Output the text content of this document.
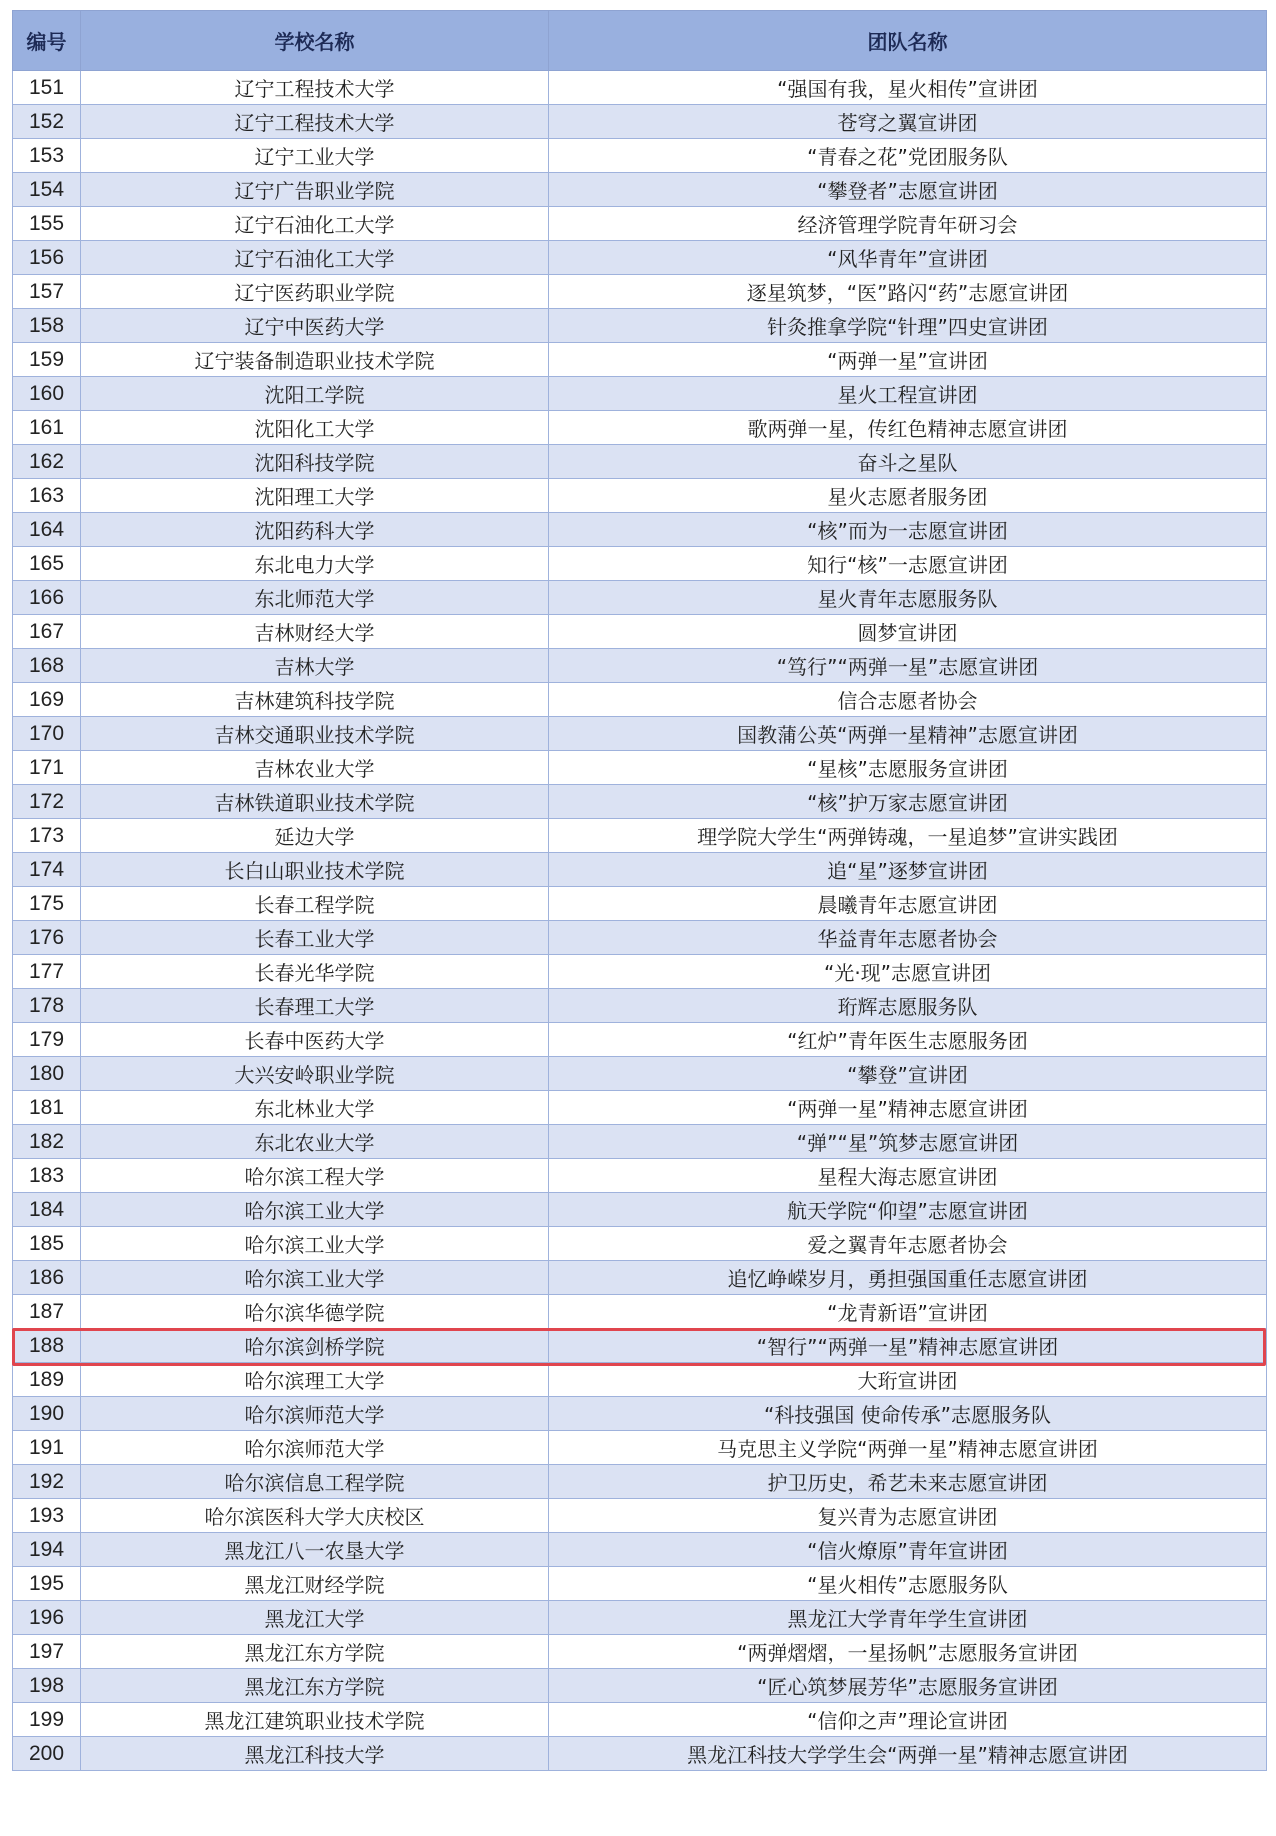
编号	学校名称	团队名称
151	辽宁工程技术大学	“强国有我，星火相传”宣讲团
152	辽宁工程技术大学	苍穹之翼宣讲团
153	辽宁工业大学	“青春之花”党团服务队
154	辽宁广告职业学院	“攀登者”志愿宣讲团
155	辽宁石油化工大学	经济管理学院青年研习会
156	辽宁石油化工大学	“风华青年”宣讲团
157	辽宁医药职业学院	逐星筑梦，“医”路闪“药”志愿宣讲团
158	辽宁中医药大学	针灸推拿学院“针理”四史宣讲团
159	辽宁装备制造职业技术学院	“两弹一星”宣讲团
160	沈阳工学院	星火工程宣讲团
161	沈阳化工大学	歌两弹一星，传红色精神志愿宣讲团
162	沈阳科技学院	奋斗之星队
163	沈阳理工大学	星火志愿者服务团
164	沈阳药科大学	“核”而为一志愿宣讲团
165	东北电力大学	知行“核”一志愿宣讲团
166	东北师范大学	星火青年志愿服务队
167	吉林财经大学	圆梦宣讲团
168	吉林大学	“笃行”“两弹一星”志愿宣讲团
169	吉林建筑科技学院	信合志愿者协会
170	吉林交通职业技术学院	国教蒲公英“两弹一星精神”志愿宣讲团
171	吉林农业大学	“星核”志愿服务宣讲团
172	吉林铁道职业技术学院	“核”护万家志愿宣讲团
173	延边大学	理学院大学生“两弹铸魂，一星追梦”宣讲实践团
174	长白山职业技术学院	追“星”逐梦宣讲团
175	长春工程学院	晨曦青年志愿宣讲团
176	长春工业大学	华益青年志愿者协会
177	长春光华学院	“光·现”志愿宣讲团
178	长春理工大学	珩辉志愿服务队
179	长春中医药大学	“红炉”青年医生志愿服务团
180	大兴安岭职业学院	“攀登”宣讲团
181	东北林业大学	“两弹一星”精神志愿宣讲团
182	东北农业大学	“弹”“星”筑梦志愿宣讲团
183	哈尔滨工程大学	星程大海志愿宣讲团
184	哈尔滨工业大学	航天学院“仰望”志愿宣讲团
185	哈尔滨工业大学	爱之翼青年志愿者协会
186	哈尔滨工业大学	追忆峥嵘岁月，勇担强国重任志愿宣讲团
187	哈尔滨华德学院	“龙青新语”宣讲团
188	哈尔滨剑桥学院	“智行”“两弹一星”精神志愿宣讲团
189	哈尔滨理工大学	大珩宣讲团
190	哈尔滨师范大学	“科技强国 使命传承”志愿服务队
191	哈尔滨师范大学	马克思主义学院“两弹一星”精神志愿宣讲团
192	哈尔滨信息工程学院	护卫历史，希艺未来志愿宣讲团
193	哈尔滨医科大学大庆校区	复兴青为志愿宣讲团
194	黑龙江八一农垦大学	“信火燎原”青年宣讲团
195	黑龙江财经学院	“星火相传”志愿服务队
196	黑龙江大学	黑龙江大学青年学生宣讲团
197	黑龙江东方学院	“两弹熠熠，一星扬帆”志愿服务宣讲团
198	黑龙江东方学院	“匠心筑梦展芳华”志愿服务宣讲团
199	黑龙江建筑职业技术学院	“信仰之声”理论宣讲团
200	黑龙江科技大学	黑龙江科技大学学生会“两弹一星”精神志愿宣讲团
